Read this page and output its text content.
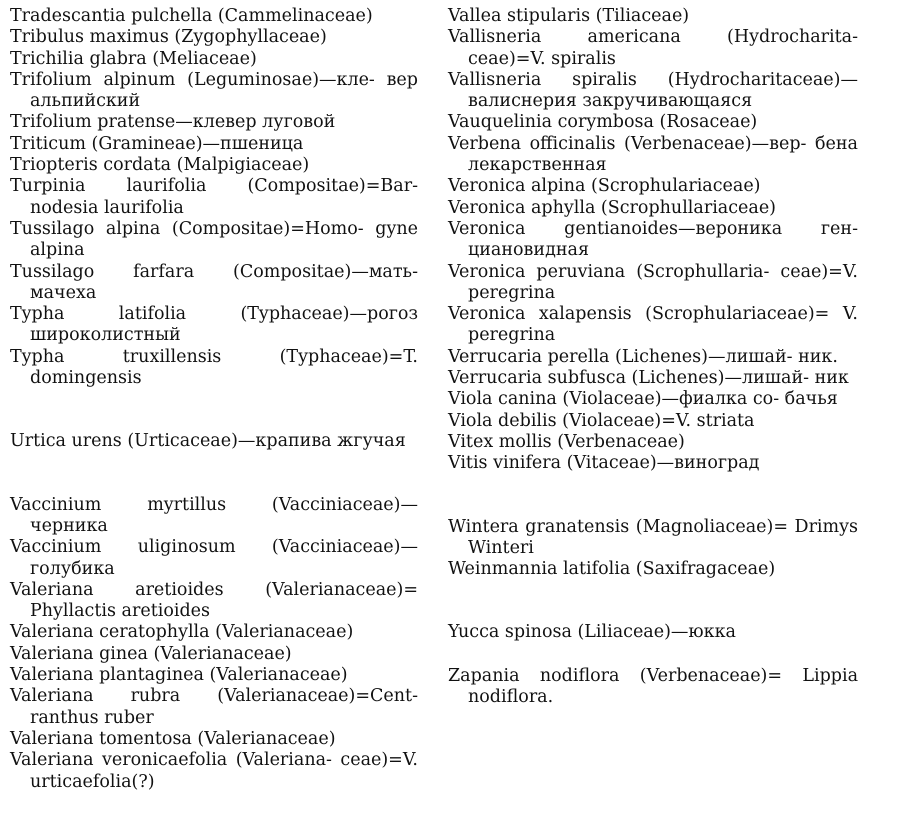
Tradescantia pulchella (Cammelinaceae)
Tribulus maximus (Zygophyllaceae)
Trichilia glabra (Meliaceae)
Trifolium alpinum (Leguminosae)—кле- вер альпийский
Trifolium pratense—клевер луговой
Triticum (Gramineae)—пшеница
Triopteris cordata (Malpigiaceae)
Turpinia laurifolia (Compositae)=Bar- nodesia laurifolia
Tussilago alpina (Compositae)=Homo- gyne alpina
Tussilago farfara (Compositae)—мать- мачеха
Typha latifolia (Typhaceae)—рогоз широколистный
Typha truxillensis (Typhaceae)=T. domingensis
Urtica urens (Urticaceae)—крапива жгучая
Vaccinium myrtillus (Vacciniaceae)— черника
Vaccinium uliginosum (Vacciniaceae)— голубика
Valeriana aretioides (Valerianaceae)= Phyllactis aretioides
Valeriana ceratophylla (Valerianaceae)
Valeriana ginea (Valerianaceae)
Valeriana plantaginea (Valerianaceae)
Valeriana rubra (Valerianaceae)=Cent- ranthus ruber
Valeriana tomentosa (Valerianaceae)
Valeriana veronicaefolia (Valeriana- ceae)=V. urticaefolia(?)
Vallea stipularis (Tiliaceae)
Vallisneria americana (Hydrocharita- ceae)=V. spiralis
Vallisneria spiralis (Hydrocharitaceae)— валиснерия закручивающаяся
Vauquelinia corymbosa (Rosaceae)
Verbena officinalis (Verbenaceae)—вер- бена лекарственная
Veronica alpina (Scrophulariaceae)
Veronica aphylla (Scrophullariaceae)
Veronica gentianoides—вероника ген- циановидная
Veronica peruviana (Scrophullaria- ceae)=V. peregrina
Veronica xalapensis (Scrophulariaceae)= V. peregrina
Verrucaria perella (Lichenes)—лишай- ник.
Verrucaria subfusca (Lichenes)—лишай- ник
Viola canina (Violaceae)—фиалка со- бачья
Viola debilis (Violaceae)=V. striata
Vitex mollis (Verbenaceae)
Vitis vinifera (Vitaceae)—виноград
Wintera granatensis (Magnoliaceae)= Drimys Winteri
Weinmannia latifolia (Saxifragaceae)
Yucca spinosa (Liliaceae)—юкка
Zapania nodiflora (Verbenaceae)= Lippia nodiflora.
